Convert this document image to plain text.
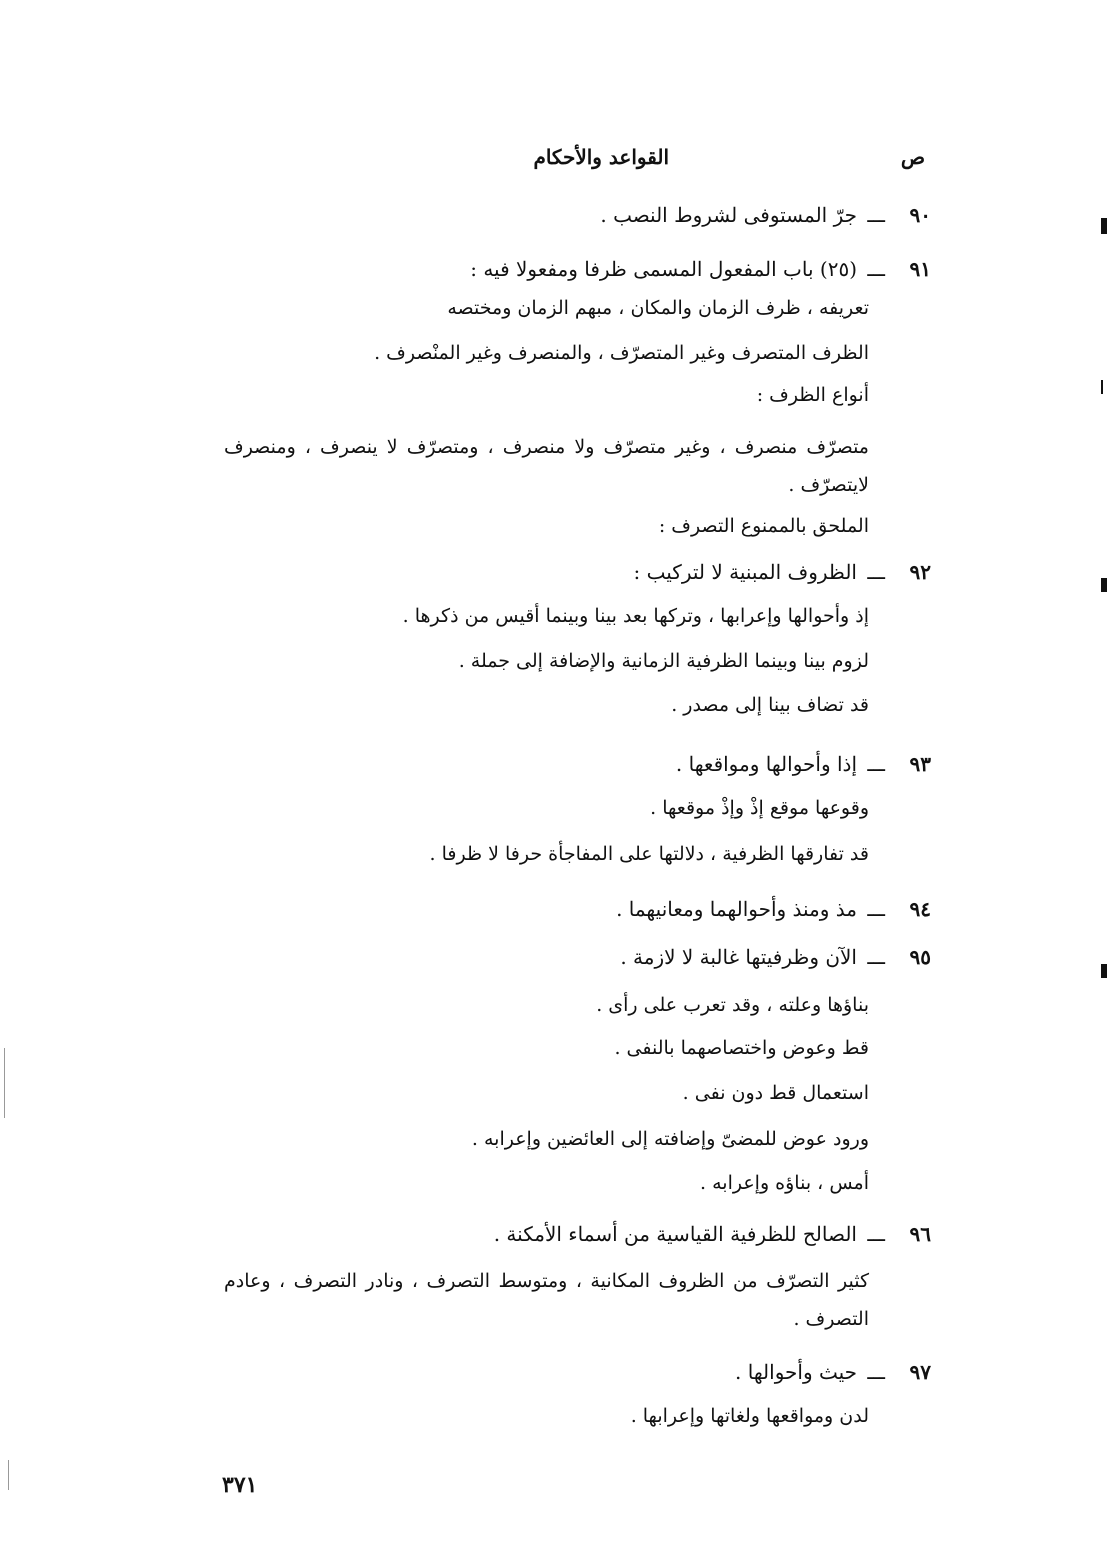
ص
القواعد والأحكام
٩٠
ـــ
جرّ المستوفى لشروط النصب .
٩١
ـــ
(٢٥) باب المفعول المسمى ظرفا ومفعولا فيه :
تعريفه ، ظرف الزمان والمكان ، مبهم الزمان ومختصه
الظرف المتصرف وغير المتصرّف ، والمنصرف وغير المنْصرف .
أنواع الظرف :
متصرّف منصرف ، وغير متصرّف ولا منصرف ، ومتصرّف لا ينصرف ، ومنصرف لايتصرّف .
الملحق بالممنوع التصرف :
٩٢
ـــ
الظروف المبنية لا لتركيب :
إذ وأحوالها وإعرابها ، وتركها بعد بينا وبينما أقيس من ذكرها .
لزوم بينا وبينما الظرفية الزمانية والإضافة إلى جملة .
قد تضاف بينا إلى مصدر .
٩٣
ـــ
إذا وأحوالها ومواقعها .
وقوعها موقع إذْ وإذْ موقعها .
قد تفارقها الظرفية ، دلالتها على المفاجأة حرفا لا ظرفا .
٩٤
ـــ
مذ ومنذ وأحوالهما ومعانيهما .
٩٥
ـــ
الآن وظرفيتها غالبة لا لازمة .
بناؤها وعلته ، وقد تعرب على رأى .
قط وعوض واختصاصهما بالنفى .
استعمال قط دون نفى .
ورود عوض للمضىّ وإضافته إلى العائضين وإعرابه .
أمس ، بناؤه وإعرابه .
٩٦
ـــ
الصالح للظرفية القياسية من أسماء الأمكنة .
كثير التصرّف من الظروف المكانية ، ومتوسط التصرف ، ونادر التصرف ، وعادم التصرف .
٩٧
ـــ
حيث وأحوالها .
لدن ومواقعها ولغاتها وإعرابها .
٣٧١
